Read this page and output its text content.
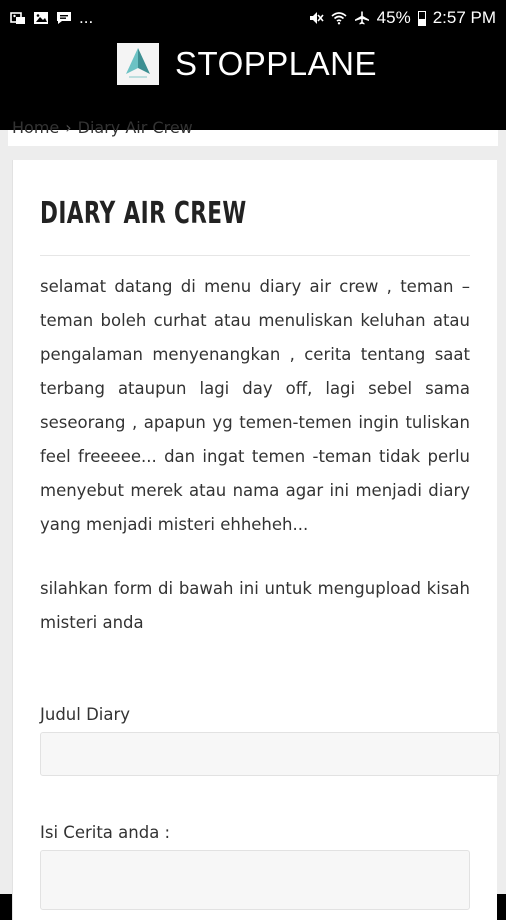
...	45% 2:57 PM
STOPPLANE
Home › Diary Air Crew
DIARY AIR CREW

selamat datang di menu diary air crew , teman – teman boleh curhat atau menuliskan keluhan atau pengalaman menyenangkan , cerita tentang saat terbang ataupun lagi day off, lagi sebel sama seseorang , apapun yg temen-temen ingin tuliskan feel freeeee... dan ingat temen -teman tidak perlu menyebut merek atau nama agar ini menjadi diary yang menjadi misteri ehheheh...

silahkan form di bawah ini untuk mengupload kisah misteri anda

Judul Diary
Isi Cerita anda :
